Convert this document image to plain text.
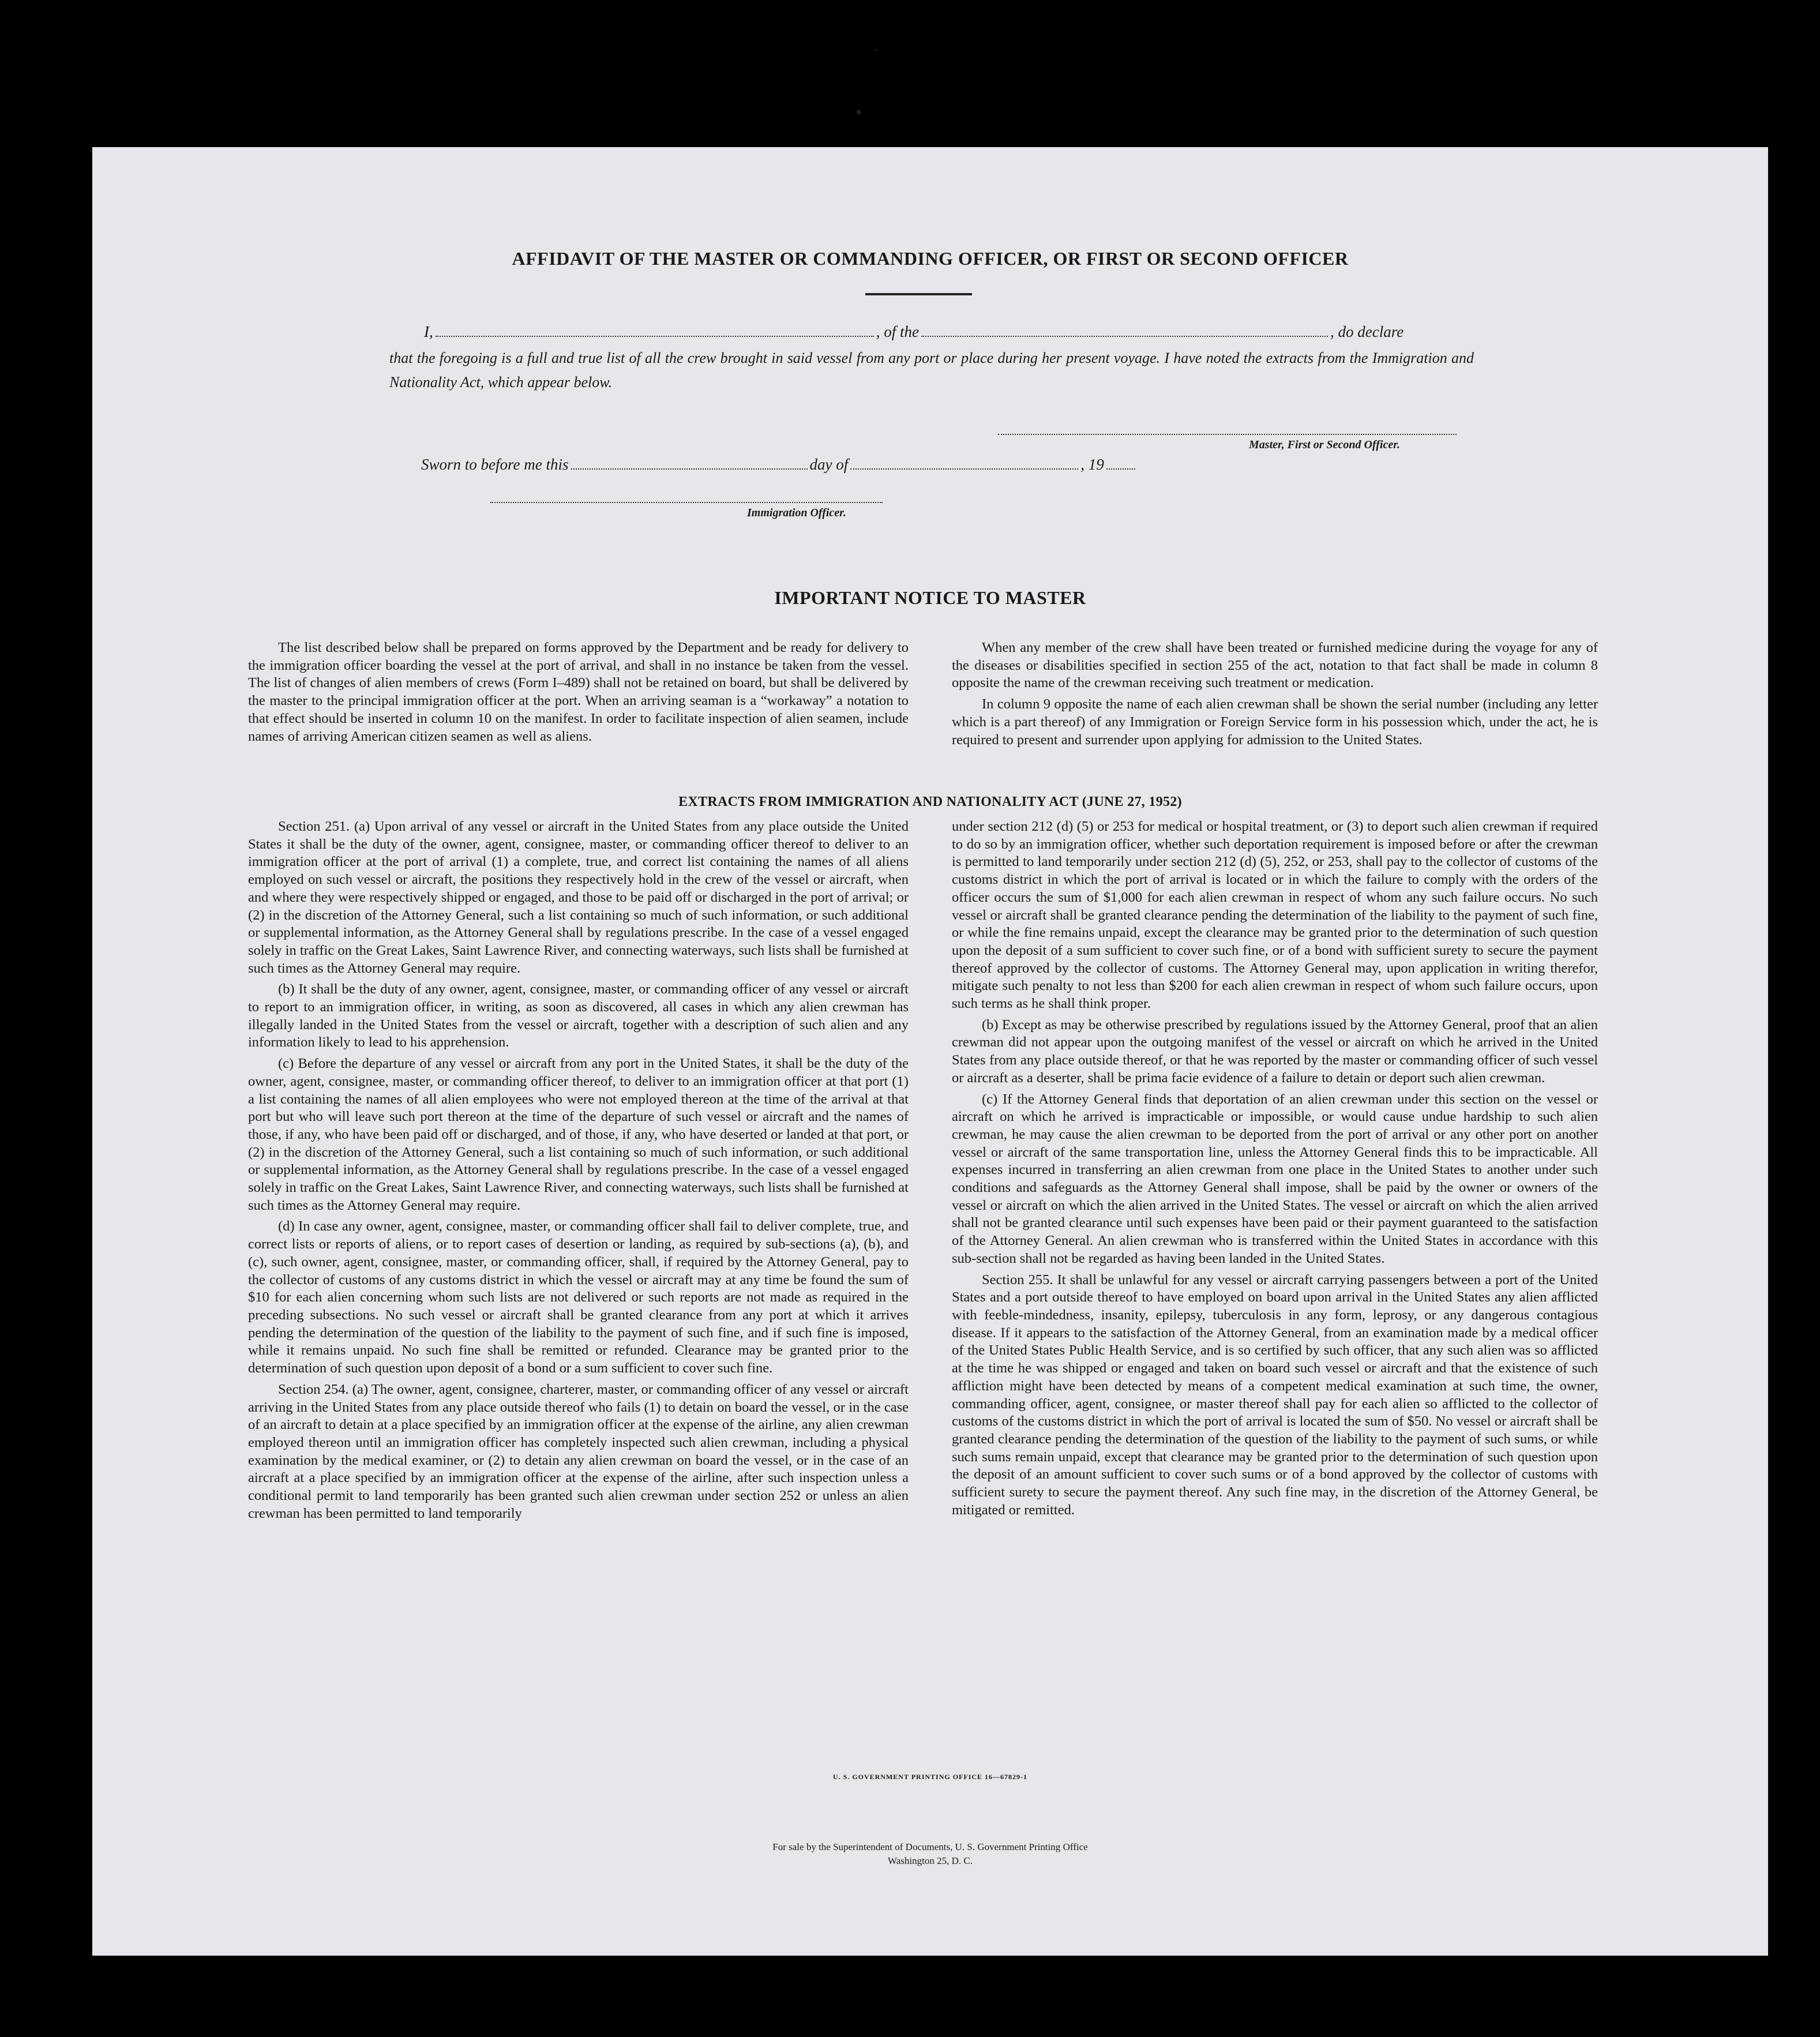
AFFIDAVIT OF THE MASTER OR COMMANDING OFFICER, OR FIRST OR SECOND OFFICER
I,	, of the	, do declare
that the foregoing is a full and true list of all the crew brought in said vessel from any port or place during her present voyage. I have noted the extracts from the Immigration and Nationality Act, which appear below.
Master, First or Second Officer.
Sworn to before me this	day of	, 19
Immigration Officer.
IMPORTANT NOTICE TO MASTER

The list described below shall be prepared on forms approved by the Department and be ready for delivery to the immigration officer boarding the vessel at the port of arrival, and shall in no instance be taken from the vessel. The list of changes of alien members of crews (Form I–489) shall not be retained on board, but shall be delivered by the master to the principal immigration officer at the port. When an arriving seaman is a “workaway” a notation to that effect should be inserted in column 10 on the manifest. In order to facilitate inspection of alien seamen, include names of arriving American citizen seamen as well as aliens.

When any member of the crew shall have been treated or furnished medicine during the voyage for any of the diseases or disabilities specified in section 255 of the act, notation to that fact shall be made in column 8 opposite the name of the crewman receiving such treatment or medication.

In column 9 opposite the name of each alien crewman shall be shown the serial number (including any letter which is a part thereof) of any Immigration or Foreign Service form in his possession which, under the act, he is required to present and surrender upon applying for admission to the United States.

EXTRACTS FROM IMMIGRATION AND NATIONALITY ACT (JUNE 27, 1952)

Section 251. (a) Upon arrival of any vessel or aircraft in the United States from any place outside the United States it shall be the duty of the owner, agent, consignee, master, or commanding officer thereof to deliver to an immigration officer at the port of arrival (1) a complete, true, and correct list containing the names of all aliens employed on such vessel or aircraft, the positions they respectively hold in the crew of the vessel or aircraft, when and where they were respectively shipped or engaged, and those to be paid off or discharged in the port of arrival; or (2) in the discretion of the Attorney General, such a list containing so much of such information, or such additional or supplemental information, as the Attorney General shall by regulations prescribe. In the case of a vessel engaged solely in traffic on the Great Lakes, Saint Lawrence River, and connecting waterways, such lists shall be furnished at such times as the Attorney General may require.

(b) It shall be the duty of any owner, agent, consignee, master, or commanding officer of any vessel or aircraft to report to an immigration officer, in writing, as soon as discovered, all cases in which any alien crewman has illegally landed in the United States from the vessel or aircraft, together with a description of such alien and any information likely to lead to his apprehension.

(c) Before the departure of any vessel or aircraft from any port in the United States, it shall be the duty of the owner, agent, consignee, master, or commanding officer thereof, to deliver to an immigration officer at that port (1) a list containing the names of all alien employees who were not employed thereon at the time of the arrival at that port but who will leave such port thereon at the time of the departure of such vessel or aircraft and the names of those, if any, who have been paid off or discharged, and of those, if any, who have deserted or landed at that port, or (2) in the discretion of the Attorney General, such a list containing so much of such information, or such additional or supplemental information, as the Attorney General shall by regulations prescribe. In the case of a vessel engaged solely in traffic on the Great Lakes, Saint Lawrence River, and connecting waterways, such lists shall be furnished at such times as the Attorney General may require.

(d) In case any owner, agent, consignee, master, or commanding officer shall fail to deliver complete, true, and correct lists or reports of aliens, or to report cases of desertion or landing, as required by sub-sections (a), (b), and (c), such owner, agent, consignee, master, or commanding officer, shall, if required by the Attorney General, pay to the collector of customs of any customs district in which the vessel or aircraft may at any time be found the sum of $10 for each alien concerning whom such lists are not delivered or such reports are not made as required in the preceding subsections. No such vessel or aircraft shall be granted clearance from any port at which it arrives pending the determination of the question of the liability to the payment of such fine, and if such fine is imposed, while it remains unpaid. No such fine shall be remitted or refunded. Clearance may be granted prior to the determination of such question upon deposit of a bond or a sum sufficient to cover such fine.

Section 254. (a) The owner, agent, consignee, charterer, master, or commanding officer of any vessel or aircraft arriving in the United States from any place outside thereof who fails (1) to detain on board the vessel, or in the case of an aircraft to detain at a place specified by an immigration officer at the expense of the airline, any alien crewman employed thereon until an immigration officer has completely inspected such alien crewman, including a physical examination by the medical examiner, or (2) to detain any alien crewman on board the vessel, or in the case of an aircraft at a place specified by an immigration officer at the expense of the airline, after such inspection unless a conditional permit to land temporarily has been granted such alien crewman under section 252 or unless an alien crewman has been permitted to land temporarily

under section 212 (d) (5) or 253 for medical or hospital treatment, or (3) to deport such alien crewman if required to do so by an immigration officer, whether such deportation requirement is imposed before or after the crewman is permitted to land temporarily under section 212 (d) (5), 252, or 253, shall pay to the collector of customs of the customs district in which the port of arrival is located or in which the failure to comply with the orders of the officer occurs the sum of $1,000 for each alien crewman in respect of whom any such failure occurs. No such vessel or aircraft shall be granted clearance pending the determination of the liability to the payment of such fine, or while the fine remains unpaid, except the clearance may be granted prior to the determination of such question upon the deposit of a sum sufficient to cover such fine, or of a bond with sufficient surety to secure the payment thereof approved by the collector of customs. The Attorney General may, upon application in writing therefor, mitigate such penalty to not less than $200 for each alien crewman in respect of whom such failure occurs, upon such terms as he shall think proper.

(b) Except as may be otherwise prescribed by regulations issued by the Attorney General, proof that an alien crewman did not appear upon the outgoing manifest of the vessel or aircraft on which he arrived in the United States from any place outside thereof, or that he was reported by the master or commanding officer of such vessel or aircraft as a deserter, shall be prima facie evidence of a failure to detain or deport such alien crewman.

(c) If the Attorney General finds that deportation of an alien crewman under this section on the vessel or aircraft on which he arrived is impracticable or impossible, or would cause undue hardship to such alien crewman, he may cause the alien crewman to be deported from the port of arrival or any other port on another vessel or aircraft of the same transportation line, unless the Attorney General finds this to be impracticable. All expenses incurred in transferring an alien crewman from one place in the United States to another under such conditions and safeguards as the Attorney General shall impose, shall be paid by the owner or owners of the vessel or aircraft on which the alien arrived in the United States. The vessel or aircraft on which the alien arrived shall not be granted clearance until such expenses have been paid or their payment guaranteed to the satisfaction of the Attorney General. An alien crewman who is transferred within the United States in accordance with this sub-section shall not be regarded as having been landed in the United States.

Section 255. It shall be unlawful for any vessel or aircraft carrying passengers between a port of the United States and a port outside thereof to have employed on board upon arrival in the United States any alien afflicted with feeble-mindedness, insanity, epilepsy, tuberculosis in any form, leprosy, or any dangerous contagious disease. If it appears to the satisfaction of the Attorney General, from an examination made by a medical officer of the United States Public Health Service, and is so certified by such officer, that any such alien was so afflicted at the time he was shipped or engaged and taken on board such vessel or aircraft and that the existence of such affliction might have been detected by means of a competent medical examination at such time, the owner, commanding officer, agent, consignee, or master thereof shall pay for each alien so afflicted to the collector of customs of the customs district in which the port of arrival is located the sum of $50. No vessel or aircraft shall be granted clearance pending the determination of the question of the liability to the payment of such sums, or while such sums remain unpaid, except that clearance may be granted prior to the determination of such question upon the deposit of an amount sufficient to cover such sums or of a bond approved by the collector of customs with sufficient surety to secure the payment thereof. Any such fine may, in the discretion of the Attorney General, be mitigated or remitted.

U. S. GOVERNMENT PRINTING OFFICE 16—67829-1
For sale by the Superintendent of Documents, U. S. Government Printing Office
Washington 25, D. C.
